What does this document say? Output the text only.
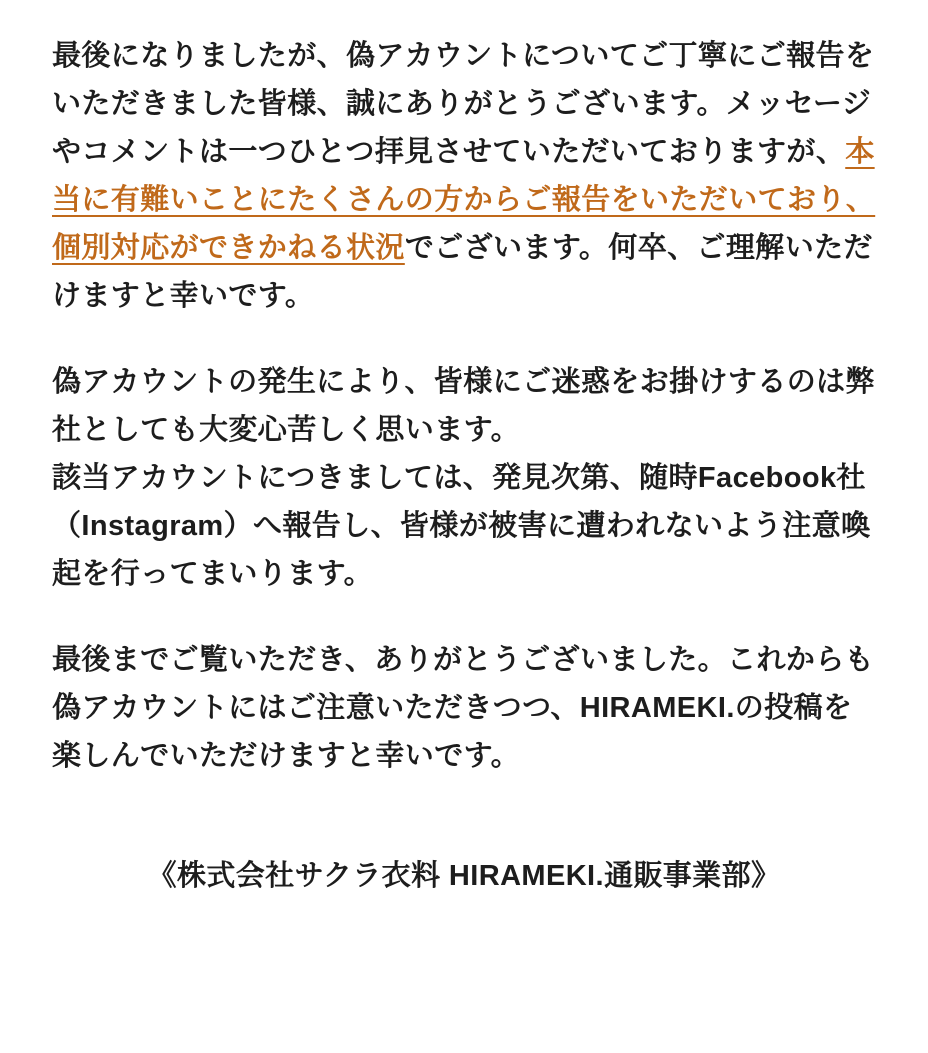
最後になりましたが、偽アカウントについてご丁寧にご報告をいただきました皆様、誠にありがとうございます。メッセージやコメントは一つひとつ拝見させていただいておりますが、本当に有難いことにたくさんの方からご報告をいただいており、個別対応ができかねる状況でございます。何卒、ご理解いただけますと幸いです。

偽アカウントの発生により、皆様にご迷惑をお掛けするのは弊社としても大変心苦しく思います。
該当アカウントにつきましては、発見次第、随時Facebook社（Instagram）へ報告し、皆様が被害に遭われないよう注意喚起を行ってまいります。

最後までご覧いただき、ありがとうございました。これからも偽アカウントにはご注意いただきつつ、HIRAMEKI.の投稿を楽しんでいただけますと幸いです。

《株式会社サクラ衣料 HIRAMEKI.通販事業部》
